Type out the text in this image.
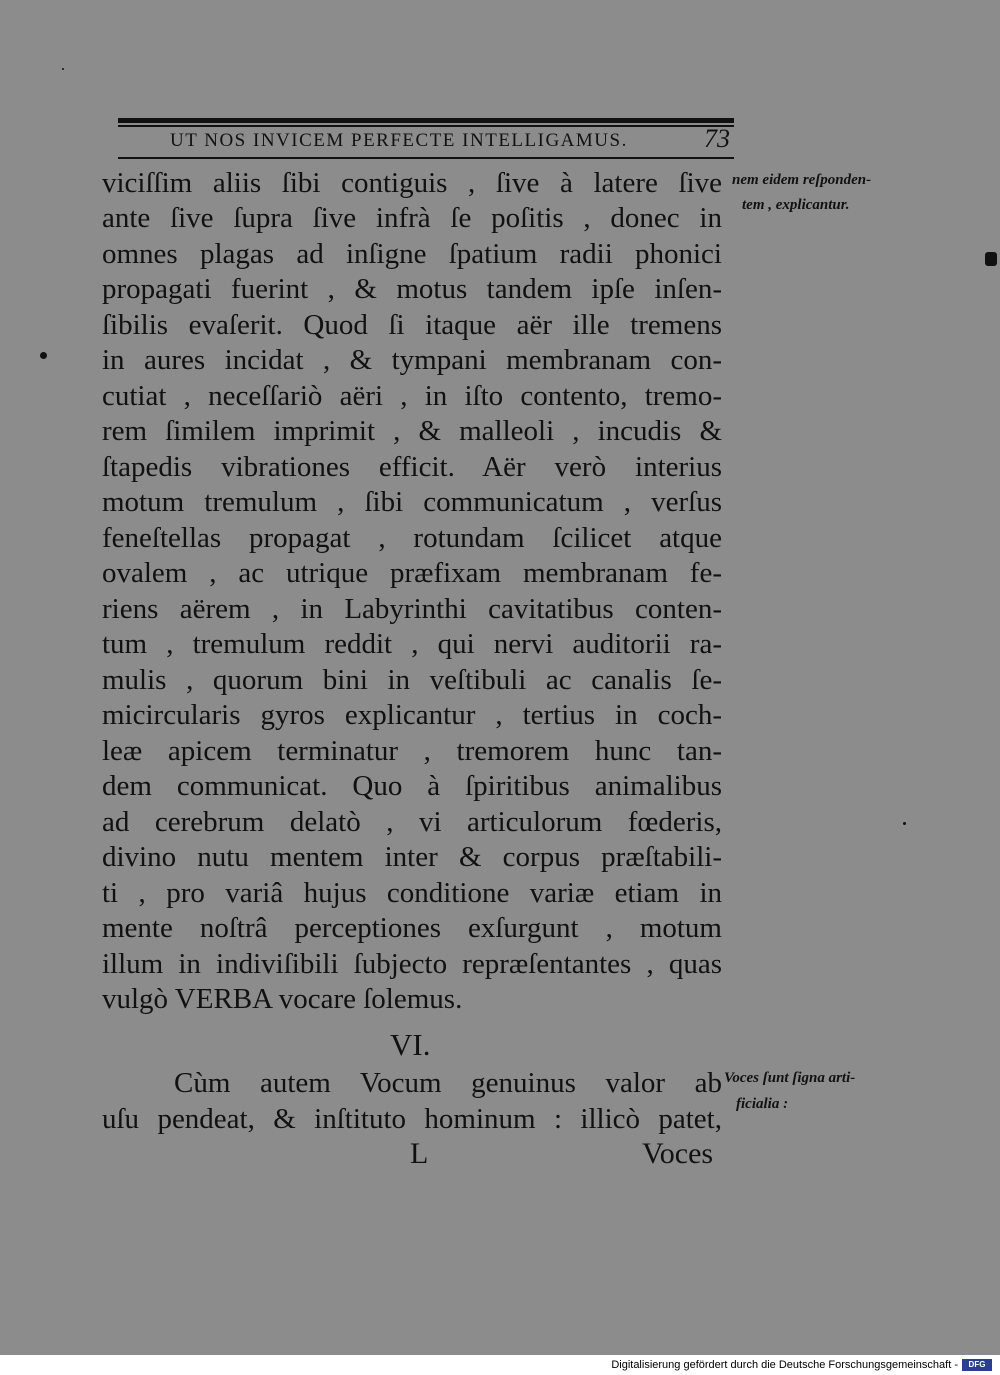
UT NOS INVICEM PERFECTE INTELLIGAMUS.	73
viciſſim aliis ſibi contiguis , ſive à latere ſive
ante ſive ſupra ſive infrà ſe poſitis , donec in
omnes plagas ad inſigne ſpatium radii phonici
propagati fuerint , & motus tandem ipſe inſen-
ſibilis evaſerit. Quod ſi itaque aër ille tremens
in aures incidat , & tympani membranam con-
cutiat , neceſſariò aëri , in iſto contento, tremo-
rem ſimilem imprimit , & malleoli , incudis &
ſtapedis vibrationes efficit. Aër verò interius
motum tremulum , ſibi communicatum , verſus
feneſtellas propagat , rotundam ſcilicet atque
ovalem , ac utrique præfixam membranam fe-
riens aërem , in Labyrinthi cavitatibus conten-
tum , tremulum reddit , qui nervi auditorii ra-
mulis , quorum bini in veſtibuli ac canalis ſe-
micircularis gyros explicantur , tertius in coch-
leæ apicem terminatur , tremorem hunc tan-
dem communicat. Quo à ſpiritibus animalibus
ad cerebrum delatò , vi articulorum fœderis,
divino nutu mentem inter & corpus præſtabili-
ti , pro variâ hujus conditione variæ etiam in
mente noſtrâ perceptiones exſurgunt , motum
illum in indiviſibili ſubjecto repræſentantes , quas
vulgò VERBA vocare ſolemus.
VI.
Cùm autem Vocum genuinus valor ab
uſu pendeat, & inſtituto hominum : illicò patet,
L	Voces
nem eidem reſponden-
tem , explicantur.
Voces ſunt ſigna arti-
ficialia :
Digitalisierung gefördert durch die Deutsche Forschungsgemeinschaft -	DFG
